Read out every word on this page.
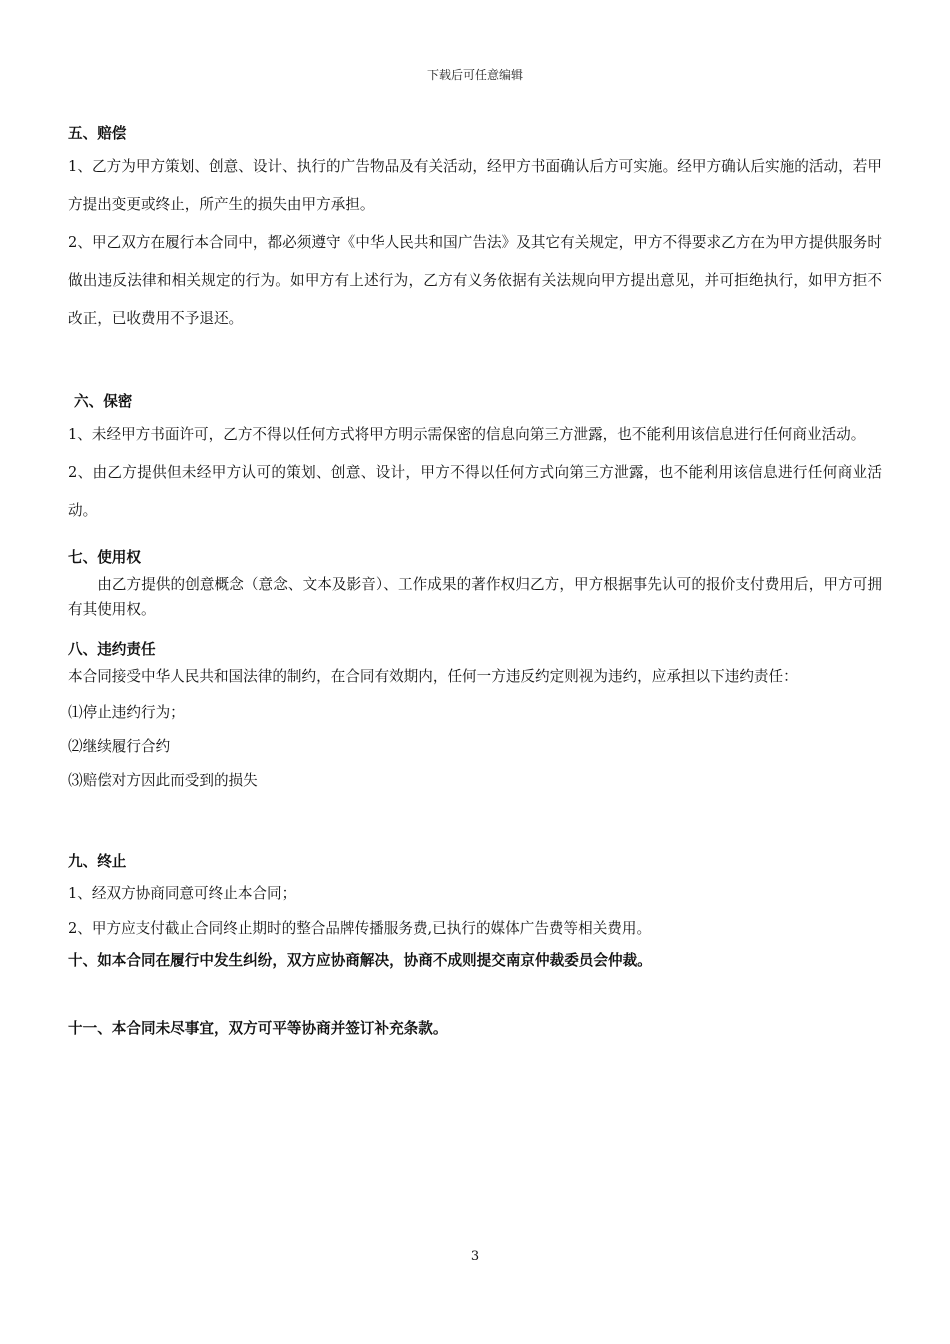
下载后可任意编辑
五、赔偿

1、乙方为甲方策划、创意、设计、执行的广告物品及有关活动，经甲方书面确认后方可实施。经甲方确认后实施的活动，若甲方提出变更或终止，所产生的损失由甲方承担。

2、甲乙双方在履行本合同中，都必须遵守《中华人民共和国广告法》及其它有关规定，甲方不得要求乙方在为甲方提供服务时做出违反法律和相关规定的行为。如甲方有上述行为，乙方有义务依据有关法规向甲方提出意见，并可拒绝执行，如甲方拒不改正，已收费用不予退还。

六、保密

1、未经甲方书面许可，乙方不得以任何方式将甲方明示需保密的信息向第三方泄露，也不能利用该信息进行任何商业活动。

2、由乙方提供但未经甲方认可的策划、创意、设计，甲方不得以任何方式向第三方泄露，也不能利用该信息进行任何商业活动。

七、使用权

由乙方提供的创意概念（意念、文本及影音）、工作成果的著作权归乙方，甲方根据事先认可的报价支付费用后，甲方可拥有其使用权。

八、违约责任

本合同接受中华人民共和国法律的制约，在合同有效期内，任何一方违反约定则视为违约，应承担以下违约责任：

⑴停止违约行为；

⑵继续履行合约

⑶赔偿对方因此而受到的损失

九、终止

1、经双方协商同意可终止本合同；

2、甲方应支付截止合同终止期时的整合品牌传播服务费,已执行的媒体广告费等相关费用。

十、如本合同在履行中发生纠纷，双方应协商解决，协商不成则提交南京仲裁委员会仲裁。

十一、本合同未尽事宜，双方可平等协商并签订补充条款。

3
